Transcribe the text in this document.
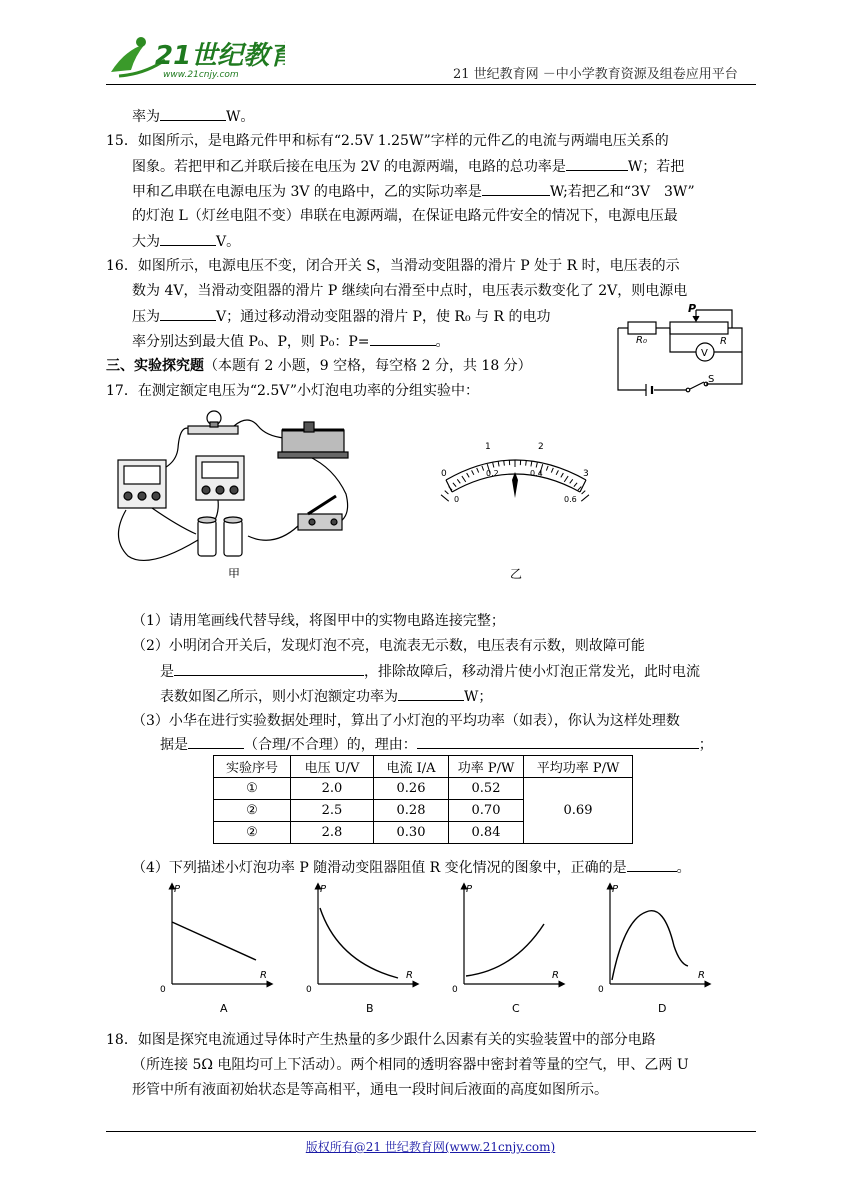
21世纪教育
www.21cnjy.com	21 世纪教育网 －中小学教育资源及组卷应用平台
率为	W。
15．如图所示，是电路元件甲和标有“2.5V 1.25W”字样的元件乙的电流与两端电压关系的
图象。若把甲和乙并联后接在电压为 2V 的电源两端，电路的总功率是	W；若把
甲和乙串联在电源电压为 3V 的电路中，乙的实际功率是	W;若把乙和“3V　3W”
的灯泡 L（灯丝电阻不变）串联在电源两端，在保证电路元件安全的情况下，电源电压最
大为	V。
16．如图所示，电源电压不变，闭合开关 S，当滑动变阻器的滑片 P 处于 R 时，电压表的示
数为 4V，当滑动变阻器的滑片 P 继续向右滑至中点时，电压表示数变化了 2V，则电源电
压为	V；通过移动滑动变阻器的滑片 P，使 R₀ 与 R 的电功
率分别达到最大值 P₀、P，则 P₀：P=	。
P
R₀	R
V
S
三、实验探究题（本题有 2 小题，9 空格，每空格 2 分，共 18 分）
17．在测定额定电压为“2.5V”小灯泡电功率的分组实验中：
甲
0
1	2
3
0
0.2	0.4
0.6
乙
（1）请用笔画线代替导线，将图甲中的实物电路连接完整；
（2）小明闭合开关后，发现灯泡不亮，电流表无示数，电压表有示数，则故障可能
是	，排除故障后，移动滑片使小灯泡正常发光，此时电流
表数如图乙所示，则小灯泡额定功率为	W；
（3）小华在进行实验数据处理时，算出了小灯泡的平均功率（如表），你认为这样处理数
据是	（合理/不合理）的，理由：	；
实验序号	电压 U/V	电流 I/A	功率 P/W	平均功率 P/W
①	2.0	0.26	0.52	0.69
②	2.5	0.28	0.70	
②	2.8	0.30	0.84	
（4）下列描述小灯泡功率 P 随滑动变阻器阻值 R 变化情况的图象中，正确的是	。
P
R
0
A
P
R
0
B
P
R
0
C
P
R
0
D
18．如图是探究电流通过导体时产生热量的多少跟什么因素有关的实验装置中的部分电路
（所连接 5Ω 电阻均可上下活动）。两个相同的透明容器中密封着等量的空气，甲、乙两 U
形管中所有液面初始状态是等高相平，通电一段时间后液面的高度如图所示。
版权所有@21 世纪教育网(www.21cnjy.com)
